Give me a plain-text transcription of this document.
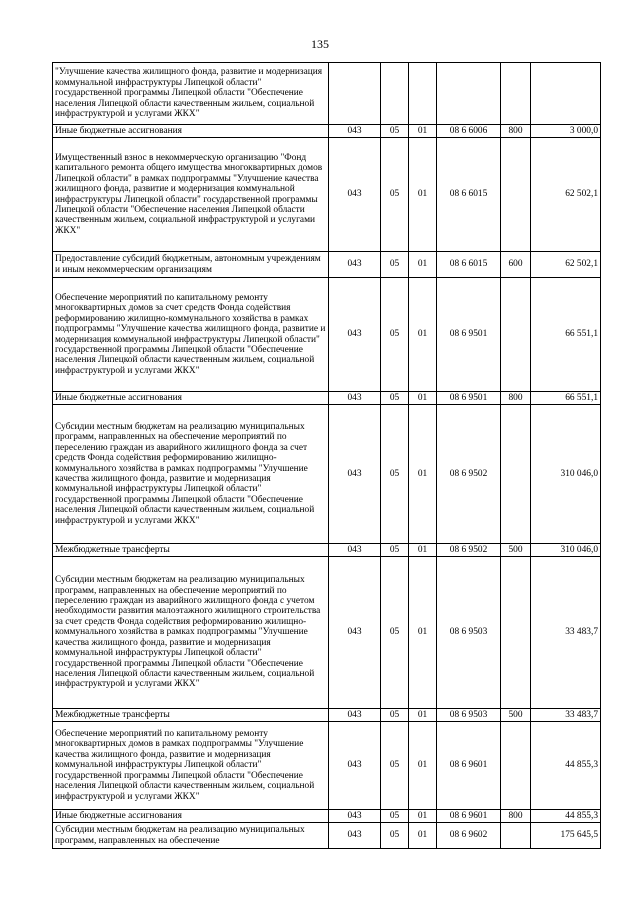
135
"Улучшение качества жилищного фонда, развитие и модернизация коммунальной инфраструктуры Липецкой области" государственной программы Липецкой области "Обеспечение населения Липецкой области качественным жильем, социальной инфраструктурой и услугами ЖКХ"						
Иные бюджетные ассигнования	043	05	01	08 6 6006	800	3 000,0
Имущественный взнос в некоммерческую организацию "Фонд капитального ремонта общего имущества многоквартирных домов Липецкой области" в рамках подпрограммы "Улучшение качества жилищного фонда, развитие и модернизация коммунальной инфраструктуры Липецкой области" государственной программы Липецкой области "Обеспечение населения Липецкой области качественным жильем, социальной инфраструктурой и услугами ЖКХ"	043	05	01	08 6 6015		62 502,1
Предоставление субсидий бюджетным, автономным учреждениям и иным некоммерческим организациям	043	05	01	08 6 6015	600	62 502,1
Обеспечение мероприятий по капитальному ремонту многоквартирных домов за счет средств Фонда содействия реформированию жилищно-коммунального хозяйства в рамках подпрограммы "Улучшение качества жилищного фонда, развитие и модернизация коммунальной инфраструктуры Липецкой области" государственной программы Липецкой области "Обеспечение населения Липецкой области качественным жильем, социальной инфраструктурой и услугами ЖКХ"	043	05	01	08 6 9501		66 551,1
Иные бюджетные ассигнования	043	05	01	08 6 9501	800	66 551,1
Субсидии местным бюджетам на реализацию муниципальных программ, направленных на обеспечение мероприятий по переселению граждан из аварийного жилищного фонда за счет средств Фонда содействия реформированию жилищно-коммунального хозяйства в рамках подпрограммы "Улучшение качества жилищного фонда, развитие и модернизация коммунальной инфраструктуры Липецкой области" государственной программы Липецкой области "Обеспечение населения Липецкой области качественным жильем, социальной инфраструктурой и услугами ЖКХ"	043	05	01	08 6 9502		310 046,0
Межбюджетные трансферты	043	05	01	08 6 9502	500	310 046,0
Субсидии местным бюджетам на реализацию муниципальных программ, направленных на обеспечение мероприятий по переселению граждан из аварийного жилищного фонда с учетом необходимости развития малоэтажного жилищного строительства за счет средств Фонда содействия реформированию жилищно-коммунального хозяйства в рамках подпрограммы "Улучшение качества жилищного фонда, развитие и модернизация коммунальной инфраструктуры Липецкой области" государственной программы Липецкой области "Обеспечение населения Липецкой области качественным жильем, социальной инфраструктурой и услугами ЖКХ"	043	05	01	08 6 9503		33 483,7
Межбюджетные трансферты	043	05	01	08 6 9503	500	33 483,7
Обеспечение мероприятий по капитальному ремонту многоквартирных домов в рамках подпрограммы "Улучшение качества жилищного фонда, развитие и модернизация коммунальной инфраструктуры Липецкой области" государственной программы Липецкой области "Обеспечение населения Липецкой области качественным жильем, социальной инфраструктурой и услугами ЖКХ"	043	05	01	08 6 9601		44 855,3
Иные бюджетные ассигнования	043	05	01	08 6 9601	800	44 855,3
Субсидии местным бюджетам на реализацию муниципальных программ, направленных на обеспечение	043	05	01	08 6 9602		175 645,5
